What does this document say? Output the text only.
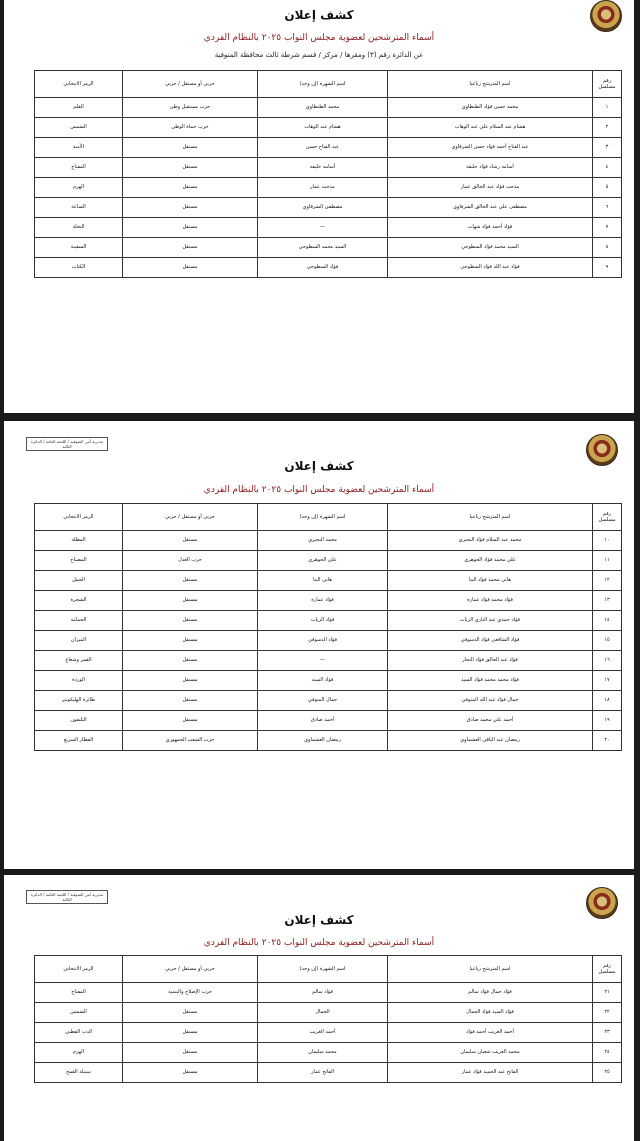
كشف إعلان
أسماء المترشحين لعضوية مجلس النواب ٢٠٢٥ بالنظام الفردي
عن الدائرة رقم (٣) ومقرها / مركز / قسم شرطة ثالث محافظة المنوفية
رقم مسلسل	اسم المترشح رباعيا	اسم الشهرة (إن وجد)	حزبي أو مستقل / حزبي	الرمز الانتخابي
١	محمد حسن فؤاد الطنطاوي	محمد الطنطاوي	حزب مستقبل وطن	القلم
٢	هشام عبد السلام علي عبد الوهاب	هشام عبد الوهاب	حزب حماة الوطن	الشمس
٣	عبد الفتاح أحمد فؤاد حسن الشرقاوي	عبد الفتاح حسن	مستقل	الأسد
٤	أسامة رشاد فؤاد خليفة	أسامة خليفة	مستقل	المفتاح
٥	مدحت فؤاد عبد الخالق عمار	مدحت عمار	مستقل	الهرم
٦	مصطفى علي عبد الخالق الشرقاوي	مصطفى الشرقاوي	مستقل	الساعة
٧	فؤاد أحمد فؤاد شهاب	—	مستقل	النخلة
٨	السيد محمد فؤاد السطوحي	السيد محمد السطوحي	مستقل	السفينة
٩	فؤاد عبد الله فؤاد السطوحي	فؤاد السطوحي	مستقل	الكتاب
مديرية أمن المنوفية / اللجنة العامة / الدائرة الثالثة
كشف إعلان
أسماء المترشحين لعضوية مجلس النواب ٢٠٢٥ بالنظام الفردي
رقم مسلسل	اسم المترشح رباعيا	اسم الشهرة (إن وجد)	حزبي أو مستقل / حزبي	الرمز الانتخابي
١٠	محمد عبد السلام فؤاد البحيري	محمد البحيري	مستقل	المظلة
١١	علي محمد فؤاد الجوهري	علي الجوهري	حزب العدل	المصباح
١٢	هاني محمد فؤاد البنا	هاني البنا	مستقل	الجمل
١٣	فؤاد محمد فؤاد عمارة	فؤاد عمارة	مستقل	الشجرة
١٤	فؤاد حمدي عبد الباري الزيات	فؤاد الزيات	مستقل	الحمامة
١٥	فؤاد الشافعي فؤاد الدسوقي	فؤاد الدسوقي	مستقل	الميزان
١٦	فؤاد عبد الخالق فؤاد النجار	—	مستقل	القمر وشعاع
١٧	فؤاد محمد محمد فؤاد السيد	فؤاد السيد	مستقل	الوردة
١٨	جمال فؤاد عبد الله المنوفي	جمال المنوفي	مستقل	طائرة الهليكوبتر
١٩	أحمد علي محمد صادق	أحمد صادق	مستقل	التليفون
٢٠	رمضان عبد الباقي العشماوي	رمضان العشماوي	حزب الشعب الجمهوري	القطار السريع
مديرية أمن المنوفية / اللجنة العامة / الدائرة الثالثة
كشف إعلان
أسماء المترشحين لعضوية مجلس النواب ٢٠٢٥ بالنظام الفردي
رقم مسلسل	اسم المترشح رباعيا	اسم الشهرة (إن وجد)	حزبي أو مستقل / حزبي	الرمز الانتخابي
٢١	فؤاد جمال فؤاد سالم	فؤاد سالم	حزب الإصلاح والتنمية	المفتاح
٢٢	فؤاد السيد فؤاد الجمال	الجمال	مستقل	الشمس
٢٣	أحمد الغريب أحمد فؤاد	أحمد الغريب	مستقل	الدب القطبي
٢٤	محمد الغريب شعبان سليمان	محمد سليمان	مستقل	الهرم
٢٥	الفاتح عبد الحميد فؤاد عمار	الفاتح عمار	مستقل	سنبلة القمح
